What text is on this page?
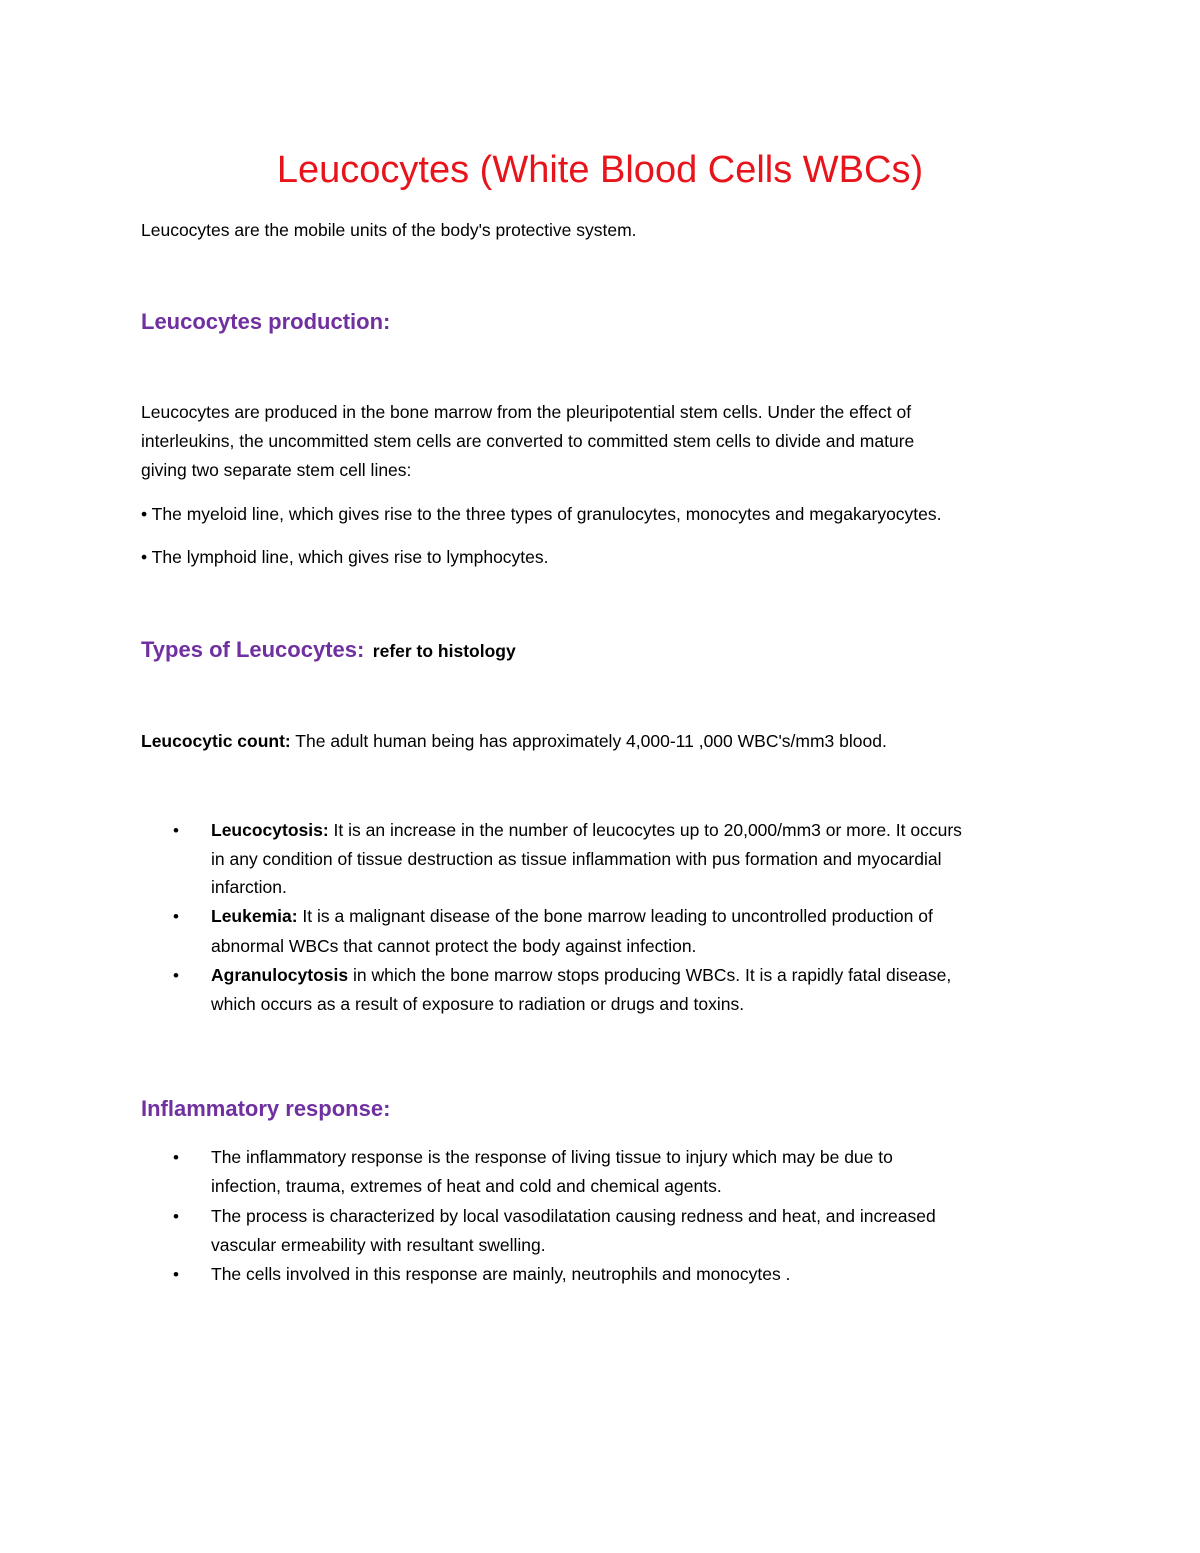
Leucocytes (White Blood Cells WBCs)
Leucocytes are the mobile units of the body's protective system.
Leucocytes production:
Leucocytes are produced in the bone marrow from the pleuripotential stem cells. Under the effect of
interleukins, the uncommitted stem cells are converted to committed stem cells to divide and mature
giving two separate stem cell lines:
• The myeloid line, which gives rise to the three types of granulocytes, monocytes and megakaryocytes.
• The lymphoid line, which gives rise to lymphocytes.
Types of Leucocytes: refer to histology
Leucocytic count: The adult human being has approximately 4,000-11 ,000 WBC's/mm3 blood.
• Leucocytosis: It is an increase in the number of leucocytes up to 20,000/mm3 or more. It occurs
in any condition of tissue destruction as tissue inflammation with pus formation and myocardial
infarction.
• Leukemia: It is a malignant disease of the bone marrow leading to uncontrolled production of
abnormal WBCs that cannot protect the body against infection.
• Agranulocytosis in which the bone marrow stops producing WBCs. It is a rapidly fatal disease,
which occurs as a result of exposure to radiation or drugs and toxins.
Inflammatory response:
• The inflammatory response is the response of living tissue to injury which may be due to
infection, trauma, extremes of heat and cold and chemical agents.
• The process is characterized by local vasodilatation causing redness and heat, and increased
vascular ermeability with resultant swelling.
• The cells involved in this response are mainly, neutrophils and monocytes .
